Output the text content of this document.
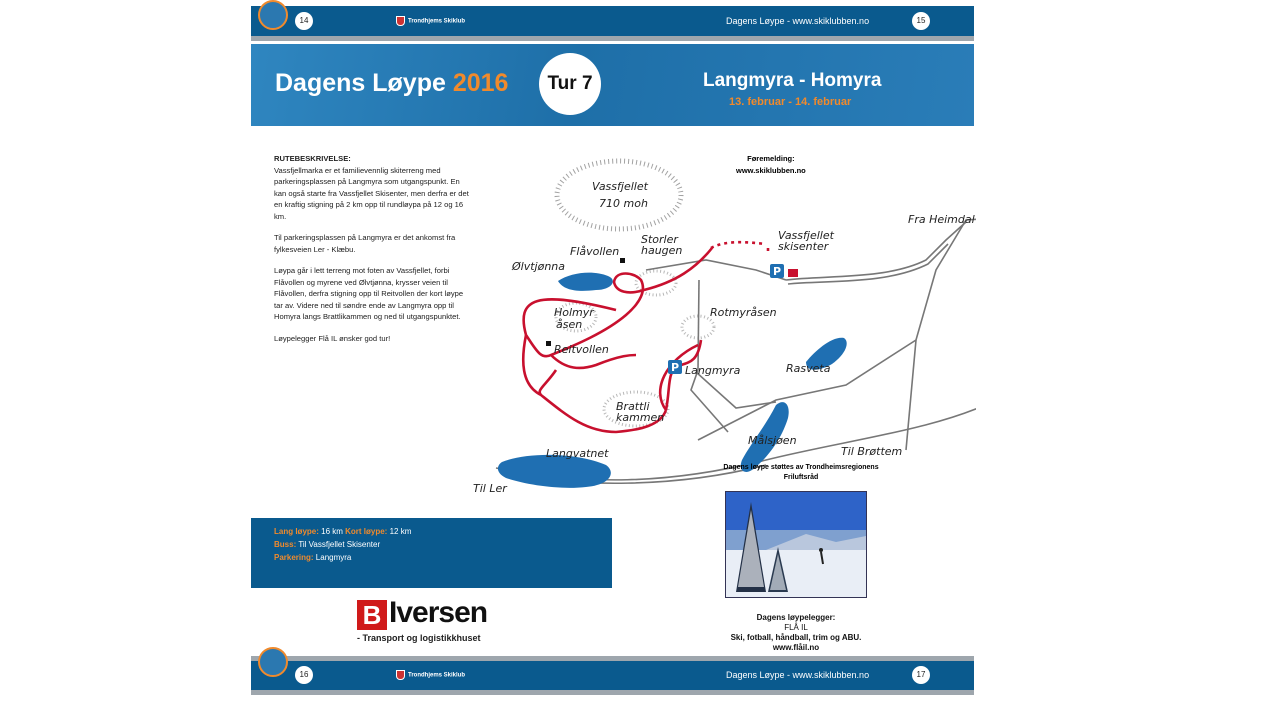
14	Trondhjems Skiklub	Dagens Løype - www.skiklubben.no	15
Dagens Løype 2016	Tur 7	Langmyra - Homyra
13. februar - 14. februar
RUTEBESKRIVELSE:

Vassfjellmarka er et familievennlig skiterreng med parkeringsplassen på Langmyra som utgangspunkt. En kan også starte fra Vassfjellet Skisenter, men derfra er det en kraftig stigning på 2 km opp til rundløypa på 12 og 16 km.

Til parkeringsplassen på Langmyra er det ankomst fra fylkesveien Ler - Klæbu.

Løypa går i lett terreng mot foten av Vassfjellet, forbi Flåvollen og myrene ved Ølvtjønna, krysser veien til Flåvollen, derfra stigning opp til Reitvollen der kort løype tar av. Videre ned til søndre ende av Langmyra opp til Homyra langs Brattlikammen og ned til utgangspunktet.

Løypelegger Flå IL ønsker god tur!

Lang løype: 16 km Kort løype: 12 km
Buss: Til Vassfjellet Skisenter
Parkering: Langmyra
Føremelding:
www.skiklubben.no
P
P
Vassfjellet
710 moh
Storler
haugen
Vassfjellet
skisenter
Fra Heimdal
Flåvollen
Ølvtjønna
Holmyr
åsen
Rotmyråsen
Reitvollen
Langmyra	Rasveta
Brattli
kammen
Målsjøen
Til Brøttem
Langvatnet
Til Ler
Dagens løype støttes av Trondheimsregionens Friluftsråd
Dagens løypelegger:
FLÅ IL
Ski, fotball, håndball, trim og ABU.
www.flåil.no
B Iversen
- Transport og logistikkhuset
16	Trondhjems Skiklub	Dagens Løype - www.skiklubben.no	17
